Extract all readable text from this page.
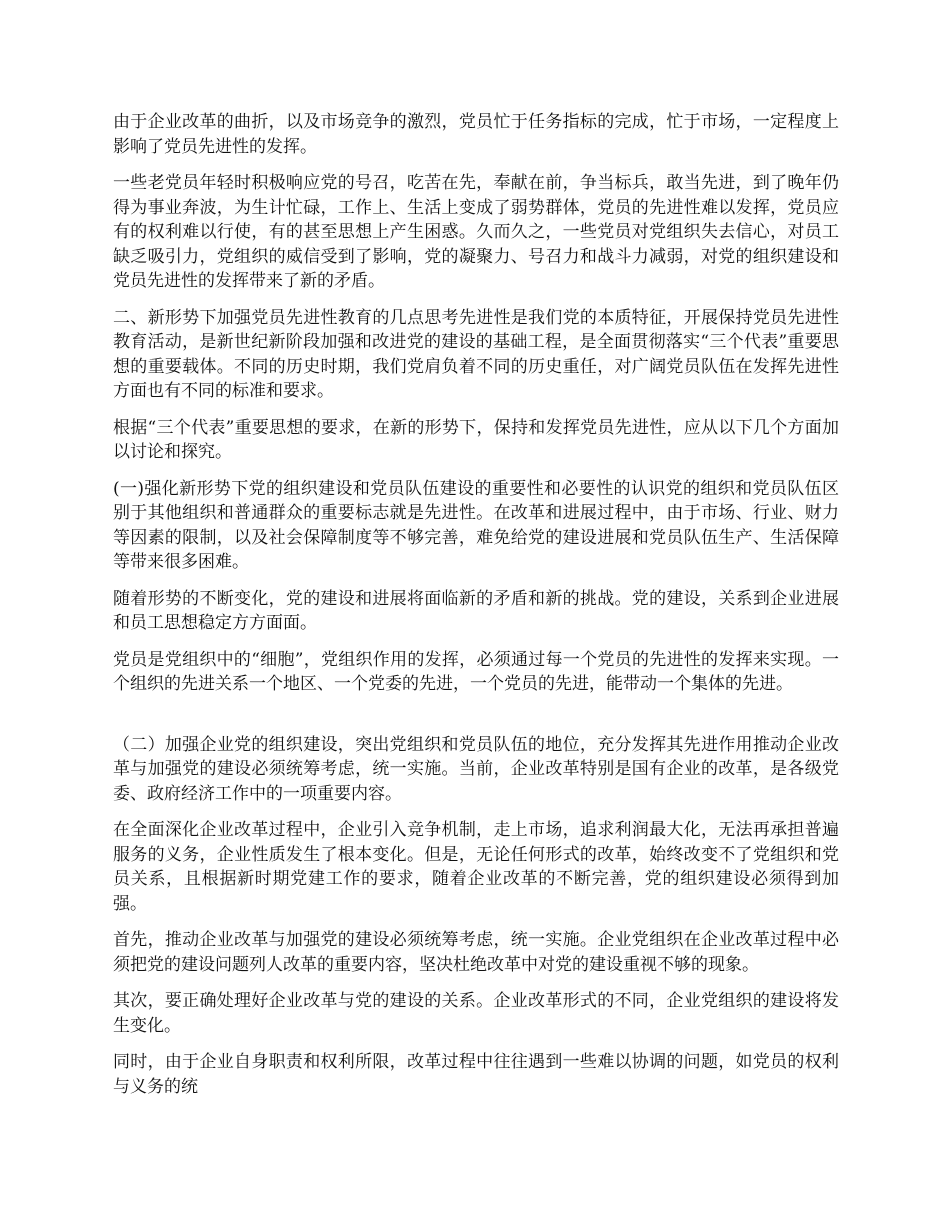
由于企业改革的曲折，以及市场竞争的激烈，党员忙于任务指标的完成，忙于市场，一定程度上影响了党员先进性的发挥。

一些老党员年轻时积极响应党的号召，吃苦在先，奉献在前，争当标兵，敢当先进，到了晚年仍得为事业奔波，为生计忙碌，工作上、生活上变成了弱势群体，党员的先进性难以发挥，党员应有的权利难以行使，有的甚至思想上产生困惑。久而久之，一些党员对党组织失去信心，对员工缺乏吸引力，党组织的威信受到了影响，党的凝聚力、号召力和战斗力减弱，对党的组织建设和党员先进性的发挥带来了新的矛盾。

二、新形势下加强党员先进性教育的几点思考先进性是我们党的本质特征，开展保持党员先进性教育活动，是新世纪新阶段加强和改进党的建设的基础工程，是全面贯彻落实“三个代表”重要思想的重要载体。不同的历史时期，我们党肩负着不同的历史重任，对广阔党员队伍在发挥先进性方面也有不同的标准和要求。

根据“三个代表”重要思想的要求，在新的形势下，保持和发挥党员先进性，应从以下几个方面加以讨论和探究。

(一)强化新形势下党的组织建设和党员队伍建设的重要性和必要性的认识党的组织和党员队伍区别于其他组织和普通群众的重要标志就是先进性。在改革和进展过程中，由于市场、行业、财力等因素的限制，以及社会保障制度等不够完善，难免给党的建设进展和党员队伍生产、生活保障等带来很多困难。

随着形势的不断变化，党的建设和进展将面临新的矛盾和新的挑战。党的建设，关系到企业进展和员工思想稳定方方面面。

党员是党组织中的“细胞”，党组织作用的发挥，必须通过每一个党员的先进性的发挥来实现。一个组织的先进关系一个地区、一个党委的先进，一个党员的先进，能带动一个集体的先进。

（二）加强企业党的组织建设，突出党组织和党员队伍的地位，充分发挥其先进作用推动企业改革与加强党的建设必须统筹考虑，统一实施。当前，企业改革特别是国有企业的改革，是各级党委、政府经济工作中的一项重要内容。

在全面深化企业改革过程中，企业引入竞争机制，走上市场，追求利润最大化，无法再承担普遍服务的义务，企业性质发生了根本变化。但是，无论任何形式的改革，始终改变不了党组织和党员关系，且根据新时期党建工作的要求，随着企业改革的不断完善，党的组织建设必须得到加强。

首先，推动企业改革与加强党的建设必须统筹考虑，统一实施。企业党组织在企业改革过程中必须把党的建设问题列人改革的重要内容，坚决杜绝改革中对党的建设重视不够的现象。

其次，要正确处理好企业改革与党的建设的关系。企业改革形式的不同，企业党组织的建设将发生变化。

同时，由于企业自身职责和权利所限，改革过程中往往遇到一些难以协调的问题，如党员的权利与义务的统
